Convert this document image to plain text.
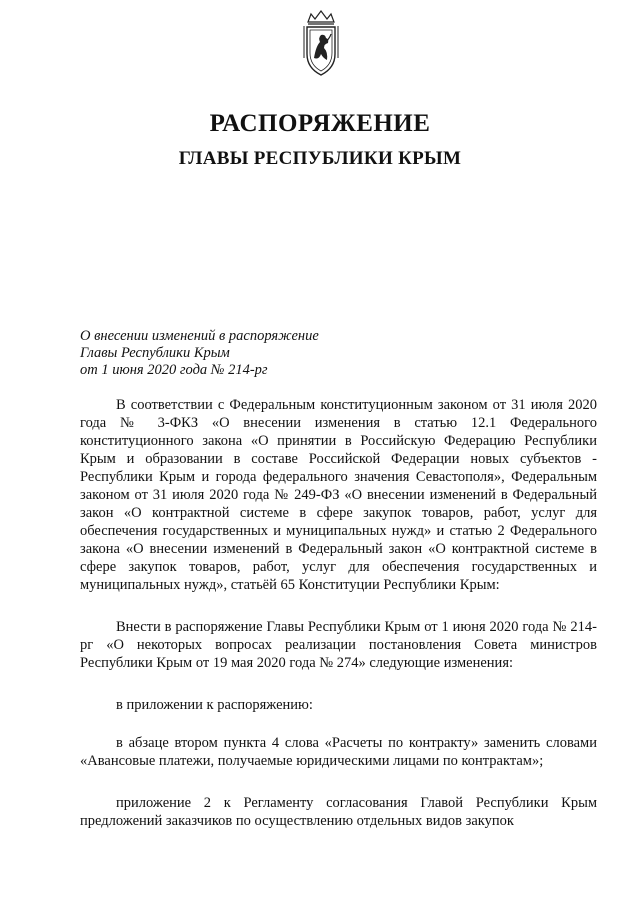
РАСПОРЯЖЕНИЕ
ГЛАВЫ РЕСПУБЛИКИ КРЫМ
О внесении изменений в распоряжение
Главы Республики Крым
от 1 июня 2020 года № 214-рг

В соответствии с Федеральным конституционным законом от 31 июля 2020 года № 3-ФКЗ «О внесении изменения в статью 12.1 Федерального конституционного закона «О принятии в Российскую Федерацию Республики Крым и образовании в составе Российской Федерации новых субъектов - Республики Крым и города федерального значения Севастополя», Федеральным законом от 31 июля 2020 года № 249-ФЗ «О внесении изменений в Федеральный закон «О контрактной системе в сфере закупок товаров, работ, услуг для обеспечения государственных и муниципальных нужд» и статью 2 Федерального закона «О внесении изменений в Федеральный закон «О контрактной системе в сфере закупок товаров, работ, услуг для обеспечения государственных и муниципальных нужд», статьёй 65 Конституции Республики Крым:

Внести в распоряжение Главы Республики Крым от 1 июня 2020 года № 214-рг «О некоторых вопросах реализации постановления Совета министров Республики Крым от 19 мая 2020 года № 274» следующие изменения:

в приложении к распоряжению:

в абзаце втором пункта 4 слова «Расчеты по контракту» заменить словами «Авансовые платежи, получаемые юридическими лицами по контрактам»;

приложение 2 к Регламенту согласования Главой Республики Крым предложений заказчиков по осуществлению отдельных видов закупок
